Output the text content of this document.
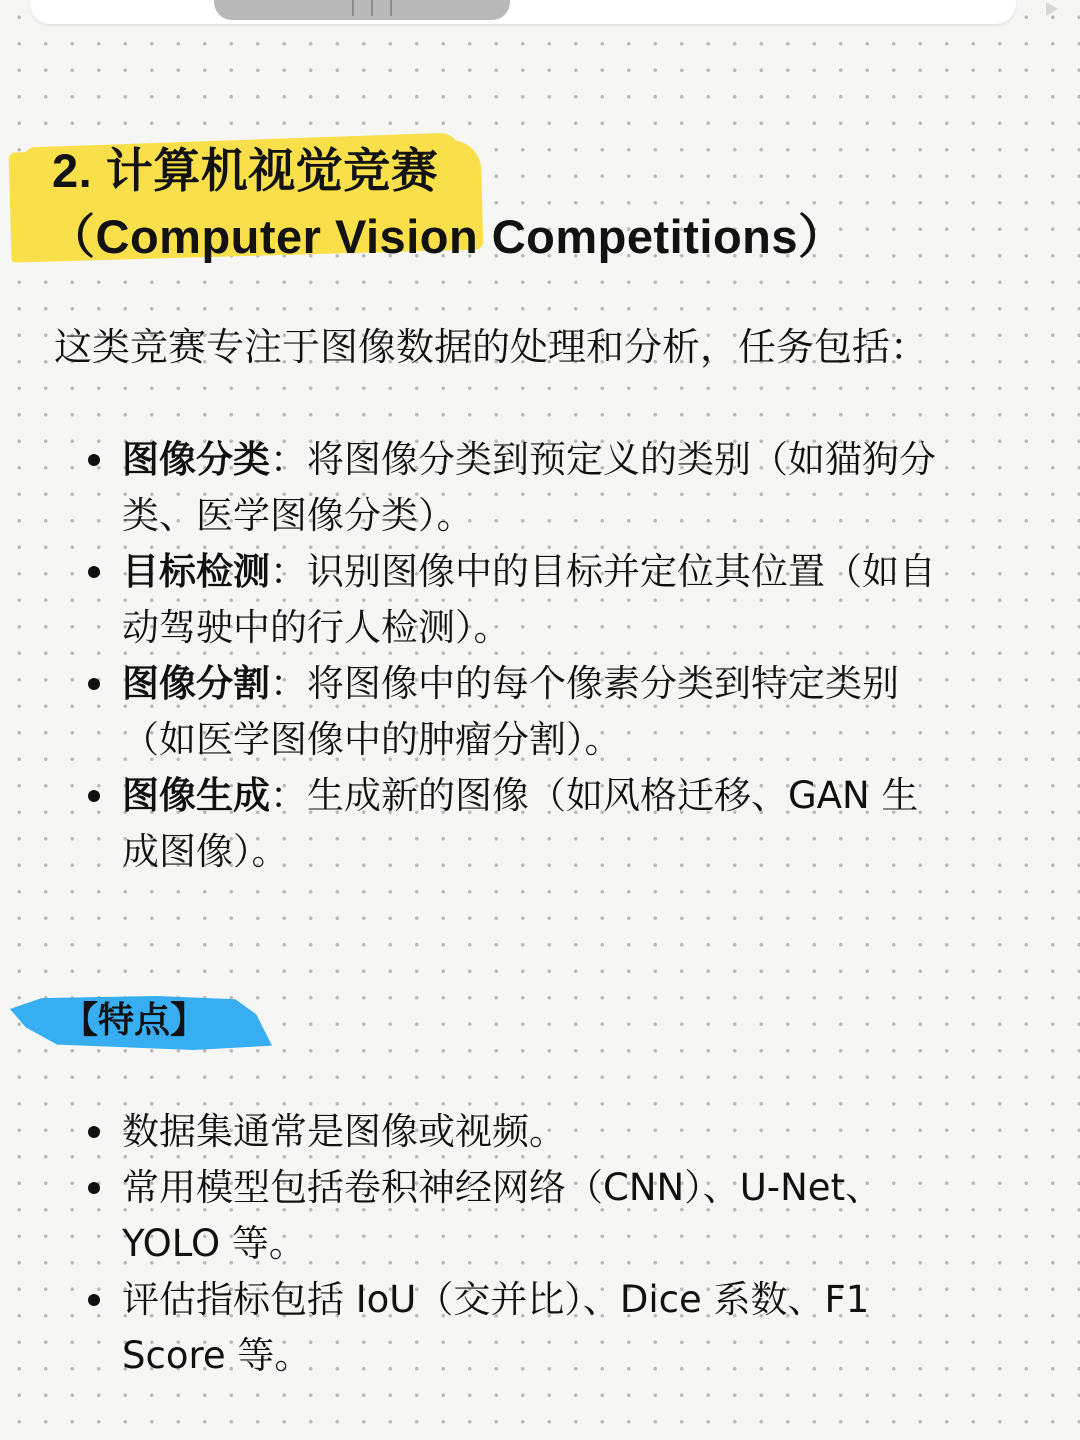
2. 计算机视觉竞赛
（Computer Vision Competitions）

这类竞赛专注于图像数据的处理和分析，任务包括：

图像分类：将图像分类到预定义的类别（如猫狗分
类、医学图像分类）。
目标检测：识别图像中的目标并定位其位置（如自
动驾驶中的行人检测）。
图像分割：将图像中的每个像素分类到特定类别
（如医学图像中的肿瘤分割）。
图像生成：生成新的图像（如风格迁移、GAN 生
成图像）。
【特点】
数据集通常是图像或视频。
常用模型包括卷积神经网络（CNN）、U-Net、
YOLO 等。
评估指标包括 IoU（交并比）、Dice 系数、F1
Score 等。
